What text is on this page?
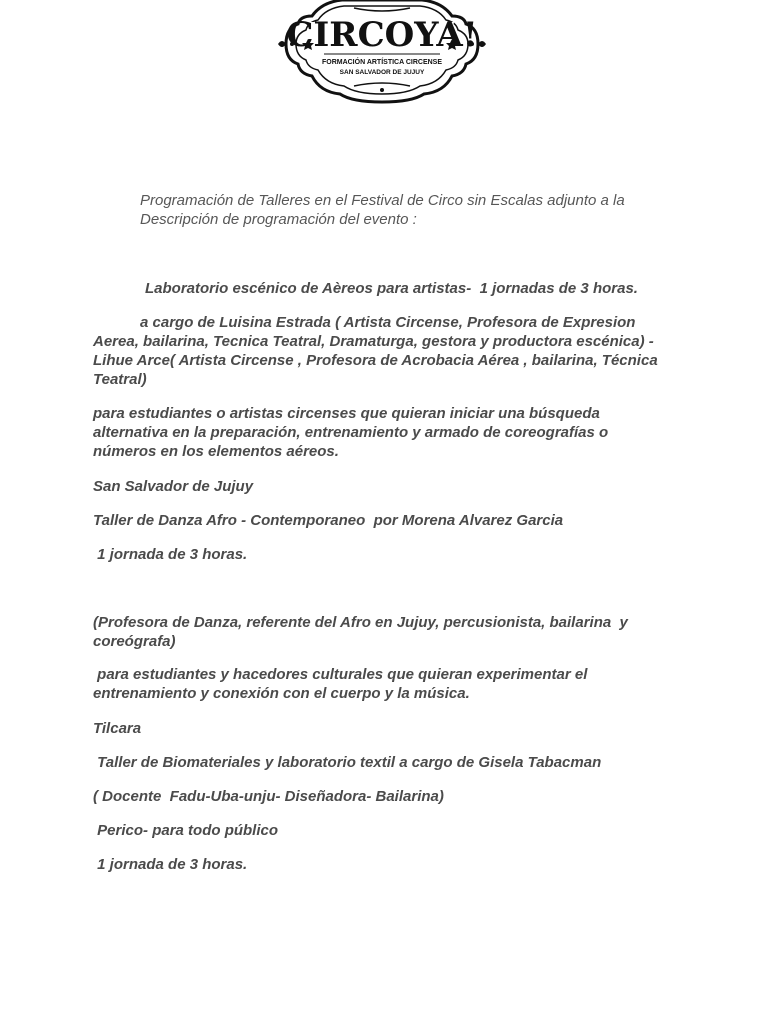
CIRCOYA!
FORMACIÓN ARTÍSTICA CIRCENSE
SAN SALVADOR DE JUJUY

Programación de Talleres en el Festival de Circo sin Escalas adjunto a la Descripción de programación del evento :

Laboratorio escénico de Aèreos para artistas-  1 jornadas de 3 horas.

a cargo de Luisina Estrada ( Artista Circense, Profesora de Expresion Aerea, bailarina, Tecnica Teatral, Dramaturga, gestora y productora escénica) - Lihue Arce( Artista Circense , Profesora de Acrobacia Aérea , bailarina, Técnica Teatral)

para estudiantes o artistas circenses que quieran iniciar una búsqueda alternativa en la preparación, entrenamiento y armado de coreografías o números en los elementos aéreos.

San Salvador de Jujuy

Taller de Danza Afro - Contemporaneo  por Morena Alvarez Garcia

1 jornada de 3 horas.

(Profesora de Danza, referente del Afro en Jujuy, percusionista, bailarina  y coreógrafa)

para estudiantes y hacedores culturales que quieran experimentar el entrenamiento y conexión con el cuerpo y la música.

Tilcara

Taller de Biomateriales y laboratorio textil a cargo de Gisela Tabacman

( Docente  Fadu-Uba-unju- Diseñadora- Bailarina)

Perico- para todo público

1 jornada de 3 horas.
